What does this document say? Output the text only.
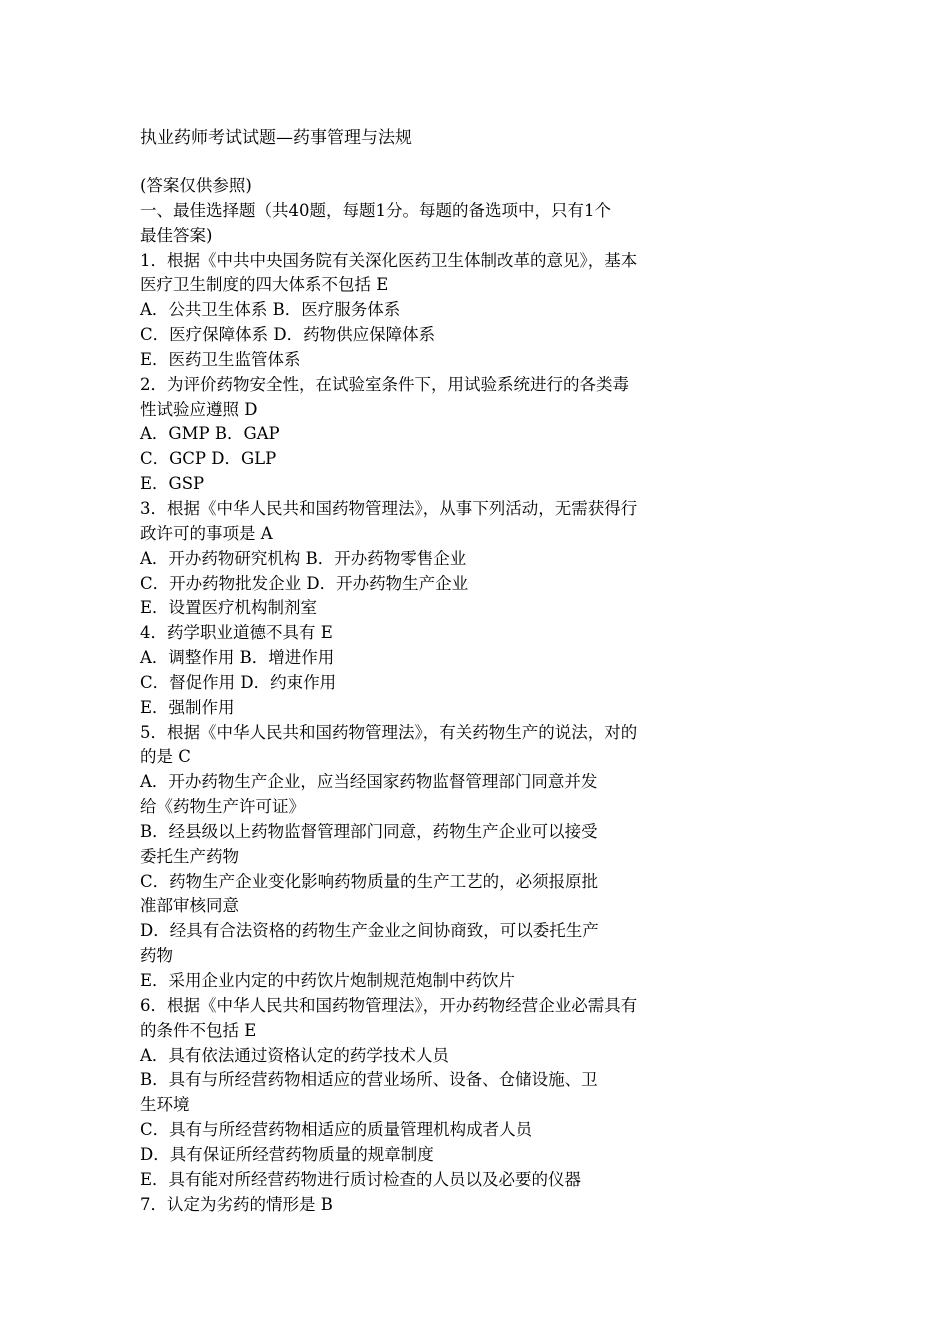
执业药师考试试题—药事管理与法规
(答案仅供参照)
一、最佳选择题（共40题，每题1分。每题的备选项中，只有1个
最佳答案)
1．根据《中共中央国务院有关深化医药卫生体制改革的意见》，基本
医疗卫生制度的四大体系不包括 E
A．公共卫生体系 B．医疗服务体系
C．医疗保障体系 D．药物供应保障体系
E．医药卫生监管体系
2．为评价药物安全性，在试验室条件下，用试验系统进行的各类毒
性试验应遵照 D
A．GMP B．GAP
C．GCP D．GLP
E．GSP
3．根据《中华人民共和国药物管理法》，从事下列活动，无需获得行
政许可的事项是 A
A．开办药物研究机构 B．开办药物零售企业
C．开办药物批发企业 D．开办药物生产企业
E．设置医疗机构制剂室
4．药学职业道德不具有 E
A．调整作用 B．增进作用
C．督促作用 D．约束作用
E．强制作用
5．根据《中华人民共和国药物管理法》，有关药物生产的说法，对的
的是 C
A．开办药物生产企业，应当经国家药物监督管理部门同意并发
给《药物生产许可证》
B．经县级以上药物监督管理部门同意，药物生产企业可以接受
委托生产药物
C．药物生产企业变化影响药物质量的生产工艺的，必须报原批
准部审核同意
D．经具有合法资格的药物生产金业之间协商致，可以委托生产
药物
E．采用企业内定的中药饮片炮制规范炮制中药饮片
6．根据《中华人民共和国药物管理法》，开办药物经营企业必需具有
的条件不包括 E
A．具有依法通过资格认定的药学技术人员
B．具有与所经营药物相适应的营业场所、设备、仓储设施、卫
生环境
C．具有与所经营药物相适应的质量管理机构成者人员
D．具有保证所经营药物质量的规章制度
E．具有能对所经营药物进行质讨检查的人员以及必要的仪器
7．认定为劣药的情形是 B
